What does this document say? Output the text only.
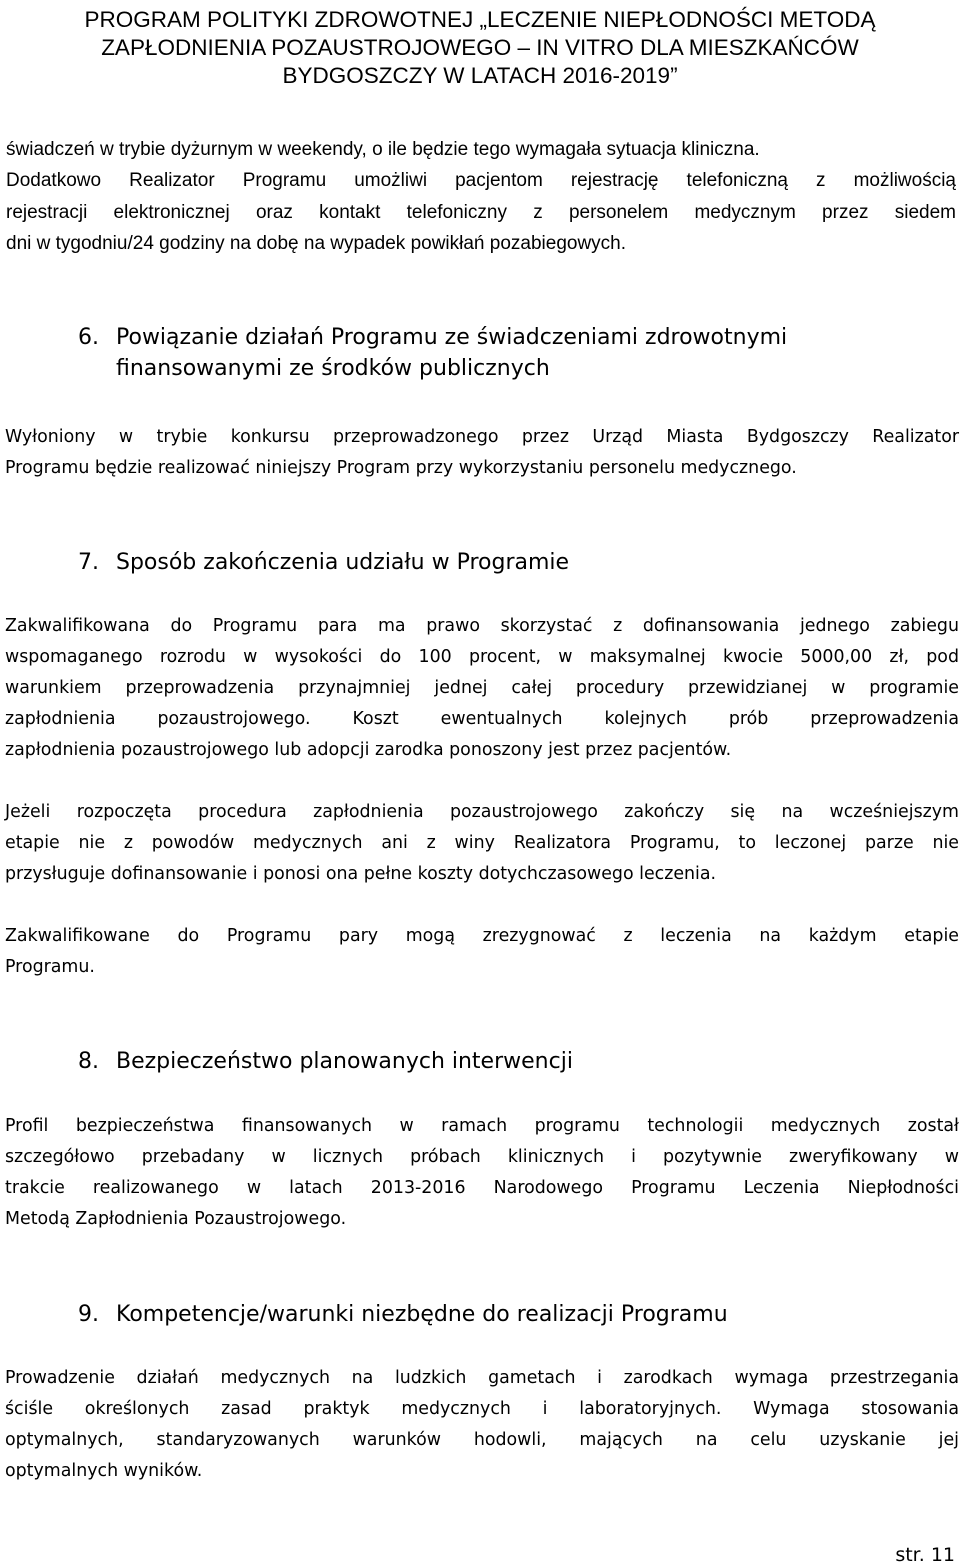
PROGRAM POLITYKI ZDROWOTNEJ „LECZENIE NIEPŁODNOŚCI METODĄ
ZAPŁODNIENIA POZAUSTROJOWEGO – IN VITRO DLA MIESZKAŃCÓW
BYDGOSZCZY W LATACH 2016-2019”
świadczeń w trybie dyżurnym w weekendy, o ile będzie tego wymagała sytuacja kliniczna.
Dodatkowo Realizator Programu umożliwi pacjentom rejestrację telefoniczną z możliwością
rejestracji elektronicznej oraz kontakt telefoniczny z personelem medycznym przez siedem
dni w tygodniu/24 godziny na dobę na wypadek powikłań pozabiegowych.
6. Powiązanie działań Programu ze świadczeniami zdrowotnymi
finansowanymi ze środków publicznych
Wyłoniony w trybie konkursu przeprowadzonego przez Urząd Miasta Bydgoszczy Realizator
Programu będzie realizować niniejszy Program przy wykorzystaniu personelu medycznego.
7. Sposób zakończenia udziału w Programie
Zakwalifikowana do Programu para ma prawo skorzystać z dofinansowania jednego zabiegu
wspomaganego rozrodu w wysokości do 100 procent, w maksymalnej kwocie 5000,00 zł, pod
warunkiem przeprowadzenia przynajmniej jednej całej procedury przewidzianej w programie
zapłodnienia pozaustrojowego. Koszt ewentualnych kolejnych prób przeprowadzenia
zapłodnienia pozaustrojowego lub adopcji zarodka ponoszony jest przez pacjentów.
Jeżeli rozpoczęta procedura zapłodnienia pozaustrojowego zakończy się na wcześniejszym
etapie nie z powodów medycznych ani z winy Realizatora Programu, to leczonej parze nie
przysługuje dofinansowanie i ponosi ona pełne koszty dotychczasowego leczenia.
Zakwalifikowane do Programu pary mogą zrezygnować z leczenia na każdym etapie
Programu.
8. Bezpieczeństwo planowanych interwencji
Profil bezpieczeństwa finansowanych w ramach programu technologii medycznych został
szczegółowo przebadany w licznych próbach klinicznych i pozytywnie zweryfikowany w
trakcie realizowanego w latach 2013-2016 Narodowego Programu Leczenia Niepłodności
Metodą Zapłodnienia Pozaustrojowego.
9. Kompetencje/warunki niezbędne do realizacji Programu
Prowadzenie działań medycznych na ludzkich gametach i zarodkach wymaga przestrzegania
ściśle określonych zasad praktyk medycznych i laboratoryjnych. Wymaga stosowania
optymalnych, standaryzowanych warunków hodowli, mających na celu uzyskanie jej
optymalnych wyników.
str. 11
